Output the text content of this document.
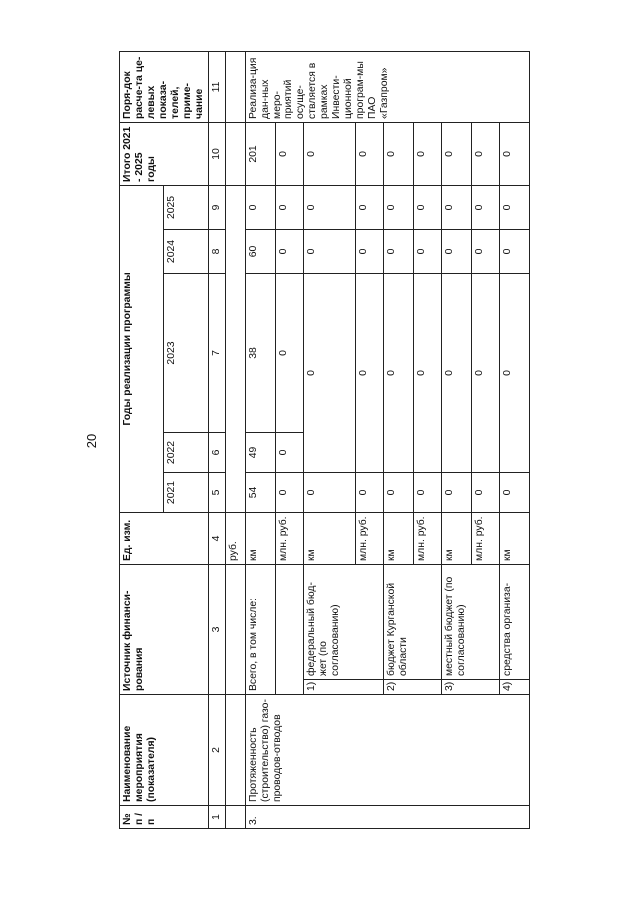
20
№ п / п	Наименование мероприятия (показателя)	Источник финанси-рования		Ед. изм.	Годы реализации программы					Итого 2021 - 2025 годы	Поря-док расче-та це-левых показа-телей, приме-чание
					2021	2022	2023	2024	2025		
1	2	3		4	5	6	7	8	9	10	11
				руб.							
3.	Протяженность (строительство) газо-проводов-отводов	Всего, в том числе:		км	54	49	38	60	0	201	Реализа-ция дан-ных меро-приятий осуще-ствляется в рамках Инвести-ционной програм-мы ПАО «Газпром»
				млн. руб.	0	0	0	0	0	0	
		1)	федеральный бюд-жет (по согласованию)	км	0	0		0	0	0	
				млн. руб.	0	0		0	0	0	
		2)	бюджет Курганской области	км	0	0		0	0	0	
				млн. руб.	0	0		0	0	0	
		3)	местный бюджет (по согласованию)	км	0	0		0	0	0	
				млн. руб.	0	0		0	0	0	
		4)	средства организа-	км	0	0		0	0	0	
